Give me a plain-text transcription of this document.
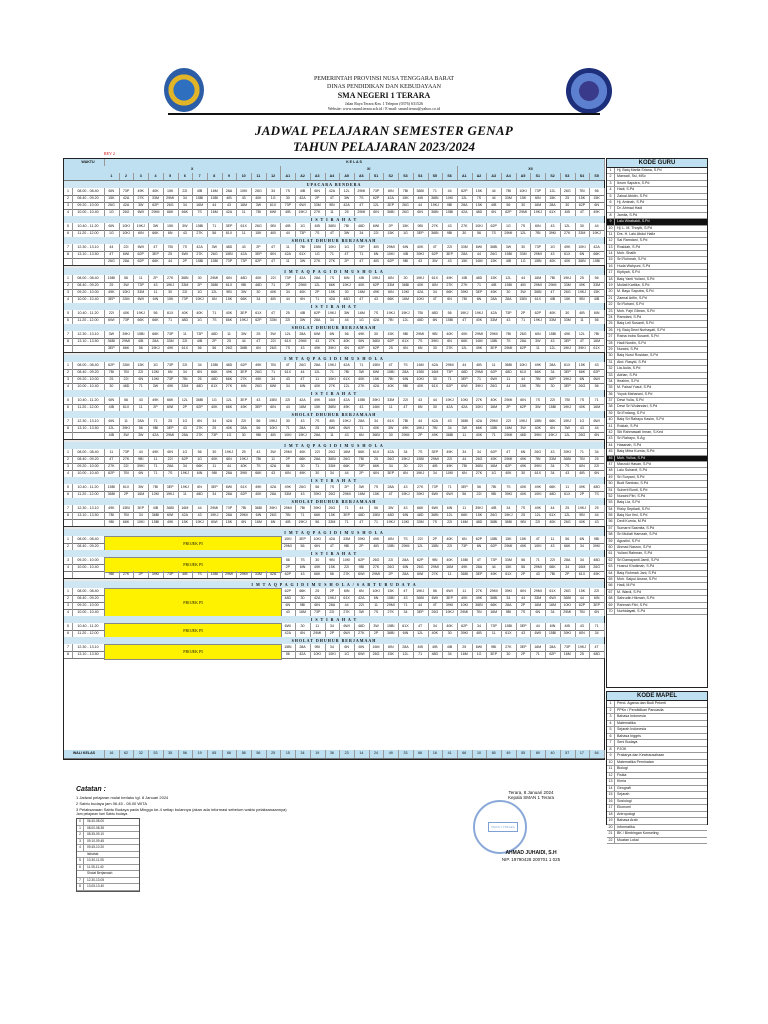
PEMERINTAH PROVINSI NUSA TENGGARA BARAT
DINAS PENDIDIKAN DAN KEBUDAYAAN
SMA NEGERI 1 TERARA
Jalan Raya Terara Km. 1 Telepon (0376) 631526
Website: www.sman1terara.sch.id / E-mail: sman1terara@yahoo.co.id
JADWAL PELAJARAN SEMESTER GENAP
TAHUN PELAJARAN 2023/2024
REV 2
K E L A S
WAKTU
X	XI	XII
1	2	3	4	5	6	7	8	9	10	11	12	A1	A2	A3	A4	A5	A6	S1	S2	S3	S4	S5	S6	A1	A2	A3	A4	A5	S1	S2	S3	S4	S5
UPACARA BENDERA
1	08.00 - 08.40	6IN	73P	49K	40K	15K	22I	4IB	16M	28A	10KI	26G	34	7S	4IB	6IN	42A	12L	29MI	73P	6IN	7BI	36BI	71	44	62P	15K	44	7BI	10KI	73P	12L	26G	7BI	56
2	08.40 - 09.20	15K	42A	27K	33M	29MI	34	15BI	15BI	4IB	43	40K	1G	30	42A	2P	4T	3W	7S	62P	42A	15K	4IB	36BI	10KI	12L	7S	44	33M	15K	6IN	15K	25	15K	15K
3	09.20 - 10.00	26G	42A	3W	62P	26G	34	16M	44	43	16M	3W	61X	73P	6WI	33M	9BI	42A	4T	12L	3EP	26G	44	19KJ	9BI	28A	15K	4IB	56	30	16M	28A	30	62P	6N
4	10.00 - 10.40	1G	26G	6WI	29MI	66K	66K	7S	16M	42A	11	7BI	6WI	4IB	19KJ	27K	11	25	29MI	6IN	36BI	26G	6IN	36BI	15BI	42A	48D	6N	62P	29MI	19KJ	61X	4IB	4T	49K
I S T I R A H A T
5	10.40 - 11.20	6IN	10KI	19KJ	3W	15K	3W	15BI	71	3EP	61X	26G	9BI	4IB	1G	4IB	36BI	7BI	48D	6WI	2P	15K	9BI	27K	43	27K	10KI	62P	1G	7S	6IN	43	12L	30	44
6	11.20 - 12.00	1G	10KI	6IN	66K	6N	43	27K	56	61X	11	15K	4IB	44	73P	7S	4T	3W	34	22I	15K	1G	3EP	36BI	9BI	30	56	7S	29MI	12L	7BI	39KI	27K	33M	19KJ
SHOLAT DHUHUR BERJAMAAH
7	12.30 - 13.10	44	22I	6WI	4T	7BI	7S	42A	3W	48D	43	2P	4T	11	7BI	15BI	10KI	1G	73P	4IB	29MI	6IN	40K	4T	22I	33M	6WI	36BI	3W	30	73P	1G	49K	10KI	42A
8	13.10 - 13.50	4T	6WI	62P	3EP	25	6WI	27K	26G	15BI	42A	3EP	6IN	42A	61X	1G	71	4T	71	6N	10KI	4IB	39KI	62P	3EP	28A	44	26G	15BI	33M	29MI	43	61X	6N	66K
26G	28A	62P	66K	44	2P	15BI	15BI	73P	73P	62P	4T	11	3W	27K	27K	2P	4T	4IB	62P	9BI	43	3W	43	15K	16M	15K	4IB	1G	15BI	40K	40K	36BI	15BI
I M T A Q P A G I D I M U S H O L A
1	08.00 - 08.40	15BI	56	11	2P	27K	36BI	30	29MI	6IN	48D	40K	22I	73P	42A	28A	7S	6IN	4IB	19KJ	6IN	30	19KJ	61X	49K	4IB	48D	15K	12L	44	16M	7BI	19KJ	25	56
2	08.40 - 09.20	25	3W	73P	43	19KJ	33M	2P	36BI	61X	9BI	48D	71	2P	29MI	12L	66K	19KJ	40K	62P	33M	36BI	40K	6IN	27K	27K	71	4IB	15BI	4IB	29MI	29MI	33M	49K	33M
3	09.20 - 10.00	49K	10KI	33M	11	30	22I	1G	12L	9BI	3W	30	40K	34	40K	2P	15K	30	16M	49K	6IN	10KI	42A	34	66K	39KI	3EP	49K	30	3W	36BI	4T	26G	19KJ	15K
4	10.00 - 10.40	3EP	33M	6WI	6IN	15K	73P	19KJ	6N	15K	66K	34	4IB	44	6N	71	42A	48D	4T	43	66K	16M	10KI	4T	6N	7BI	6N	28A	28A	15BI	61X	4IB	15K	9BI	4IB
I S T I R A H A T
5	10.40 - 11.20	22I	40K	19KJ	56	61X	40K	40K	71	40K	3EP	61X	4T	25	4IB	62P	19KJ	3W	16M	7S	19KJ	19KJ	7BI	48D	56	19KJ	19KJ	42A	73P	2P	62P	40K	30	4IB	6IN
6	11.20 - 12.00	6WI	73P	66K	66K	71	48D	1G	7S	66K	19KJ	62P	33M	22I	3W	28A	34	44	1G	42A	7BI	12L	48D	6N	15BI	4T	40K	33M	43	71	19KJ	33M	33M	11	56
SHOLAT DHUHUR BERJAMAAH
7	12.30 - 13.10	3W	39KI	15BI	66K	73P	11	73P	48D	11	3W	25	3W	12L	28A	6WI	6N	56	49K	30	15K	9BI	29MI	9BI	40K	40K	29MI	29MI	7BI	26G	6IN	15BI	49K	12L	7BI
8	13.10 - 13.50	36BI	29MI	4IB	28A	33M	22I	4IB	2P	25	44	4T	22I	61X	29MI	43	27K	40K	6IN	36BI	62P	61X	7S	39KI	6N	66K	16M	15BI	7S	28A	3W	43	3EP	4T	16M
3EP	66K	56	19KJ	49K	61X	56	56	26G	36BI	6N	26G	7S	43	49K	39KI	6N	62P	62P	25	6N	6N	30	27K	12L	49K	3EP	29MI	62P	11	12L	19KJ	39KI	61X
I M T A Q P A G I D I M U S H O L A
1	08.00 - 08.40	62P	33M	15K	1G	73P	22I	34	15BI	48D	62P	49K	7BI	4T	26G	28A	19KJ	42A	71	15BI	4T	7S	16M	42A	29MI	44	4IB	11	36BI	10KI	49K	28A	61X	15K	43
2	08.40 - 09.20	7BI	7BI	22I	10KI	6N	34	6N	66K	49K	3EP	26G	71	61X	44	12L	71	7BI	3W	6WI	15BI	28A	15BI	16M	73P	48D	29MI	62P	48D	61X	66K	34	3EP	66K	62P
3	09.20 - 10.00	25	22I	6N	10KI	73P	7BI	25	48D	66K	27K	49K	34	43	4T	11	10KI	61X	40K	15K	7BI	6IN	10KI	30	71	3EP	71	6WI	11	44	7BI	62P	19KJ	6N	6WI
4	10.00 - 10.40	30	48D	71	3W	49K	33M	48D	61X	27K	6IN	26G	6WI	34	6IN	40K	27K	12L	27K	42A	40K	9BI	40K	61X	62P	6WI	39KI	26G	44	15K	7BI	30	3EP	26G	56
I S T I R A H A T
5	10.40 - 11.20	6IN	56	43	49K	66K	12L	36BI	1G	12L	3EP	43	15BI	22I	42A	49K	16M	42A	15BI	39KI	33M	22I	43	44	19KJ	10KI	27K	40K	29MI	6IN	7S	22I	7BI	7S	71
6	11.20 - 12.00	4IB	61X	11	2P	6WI	2P	62P	40K	66K	49K	3EP	6IN	44	16M	15K	36BI	49K	43	16M	11	4T	6N	30	42A	42A	10KI	16M	2P	62P	3W	15BI	19KJ	40K	16M
SHOLAT DHUHUR BERJAMAAH
7	12.30 - 13.10	6IN	11	28A	71	25	1G	6N	34	42A	22I	56	19KJ	30	43	7S	4IB	19KJ	28A	34	61X	7BI	44	42A	43	36BI	42A	29MI	22I	19KJ	15BI	66K	19KJ	1G	6WI
8	13.10 - 13.50	12L	39KI	56	9BI	3EP	43	27K	25	40K	28A	56	10KI	71	28A	25	6WI	6WI	71	40K	3W	49K	19KJ	7BI	34	3W	66K	15BI	16M	3W	40K	6N	3W	43	44
4IB	3W	3W	42A	29MI	28A	27K	73P	1G	30	9BI	4IB	10KI	19KJ	28A	11	43	6N	36BI	30	29MI	2P	49K	36BI	11	40K	71	29MI	48D	39KI	19KJ	12L	26G	6N
I M T A Q P A G I D I M U S H O L A
1	08.00 - 08.40	11	73P	44	49K	6IN	1G	56	30	19KJ	25	43	3W	29MI	40K	22I	26G	16M	66K	61X	42A	34	7S	3EP	49K	34	34	62P	4T	6N	26G	43	39KI	71	34
2	08.40 - 09.20	4T	27K	9BI	11	22I	62P	1G	40K	6IN	19KJ	7BI	11	2P	66K	28A	36BI	26G	7BI	25	26G	19KJ	15BI	29MI	22I	44	26G	49K	29MI	49K	7BI	33M	36BI	7BI	25
3	09.20 - 10.00	27K	22I	39KI	71	28A	34	66K	11	44	40K	7S	42A	56	30	71	33M	66K	73P	66K	34	30	22I	4IB	49K	7BI	36BI	16M	62P	49K	39KI	34	7S	6IN	22I
4	10.00 - 10.40	62P	7BI	6N	71	7S	19KJ	6IN	9BI	28A	39KI	66K	43	6IN	49K	30	34	44	2P	6IN	3EP	6N	19KJ	34	10KI	6N	27K	1G	40K	30	61X	34	43	4IB	6N
I S T I R A H A T
5	10.40 - 11.20	15BI	61X	3W	7BI	3EP	19KJ	6N	3EP	6WI	61X	49K	42A	49K	26G	56	7S	2P	3W	7S	28A	43	27K	73P	71	3EP	56	7BI	7S	40K	49K	66K	11	49K	48D
6	11.20 - 12.00	36BI	2P	16M	10KI	19KJ	11	48D	34	28A	62P	40K	28A	33M	43	39KI	26G	29MI	16M	15K	4T	19KJ	39KI	6WI	6WI	56	22I	9BI	39KI	40K	10KI	48D	61X	2P	7S
SHOLAT DHUHUR BERJAMAAH
7	12.30 - 13.10	49K	15BI	3EP	4IB	36BI	16M	44	29MI	73P	7BI	36BI	39KI	29MI	7BI	39KI	26G	71	44	56	3W	43	66K	6WI	6IN	11	39KI	4IB	34	7S	49K	44	25	19KJ	25
8	13.10 - 13.50	7BI	7BI	34	36BI	6WI	42A	43	19KJ	28A	29MI	6IN	26G	7BI	71	66K	15K	3EP	48D	15BI	48D	6IN	48D	36BI	12L	66K	15K	26G	19KJ	25	12L	61X	12L	9BI	44
9BI	66K	10KI	15BI	49K	15K	19KJ	6WI	15K	6N	16M	6N	4IB	19KJ	56	33M	71	4T	71	19KJ	10KI	33M	7S	22I	16M	48D	36BI	36BI	9BI	22I	40K	26G	40K	43
I M T A Q P A G I D I M U S H O L A
1	08.00 - 08.40	10KI	3EP	10KI	42A	33M	39KI	49K	6IN	7S	22I	2P	40K	6N	62P	15BI	15K	15K	4T	11	56	6N	9BI
2	08.40 - 09.20	29MI	56	6IN	4T	9BI	2P	4IB	15BI	29MI	12L	15BI	22I	73P	6N	62P	29MI	49K	10KI	43	66K	34	39KI
PROJEK P5
I S T I R A H A T
3	09.20 - 10.00	56	7S	30	9BI	10KI	62P	26G	22I	28A	62P	9BI	40K	15BI	4T	73P	33M	56	71	22I	28A	34	48D
4	10.00 - 10.40	2P	6IN	49K	15K	22I	9BI	27K	26G	6IN	26G	29MI	16M	49K	28A	44	15K	56	29MI	66K	34	16M	26G
PROJEK P5
9BI	27K	2P	39KI	73P	4IB	7S	15BI	29MI	29MI	33M	42A	62P	43	66K	56	27K	6WI	29MI	2P	28A	6WI	27K	11	36BI	3EP	49K	61X	2P	43	7BI	2P	61X	49K
I M T A Q P A G I D I M U S H O L A / S A B T U B U D A Y A
1	08.00 - 08.40	62P	66K	25	2P	6IN	6N	10KI	15K	4T	19KJ	56	6WI	11	27K	29MI	39KI	6IN	29MI	61X	26G	15K	22I
2	08.40 - 09.20	48D	30	42A	19KJ	61X	42A	6N	15BI	43	36BI	6WI	3EP	40K	49K	36BI	34	44	33M	6WI	36BI	44	6IN
3	09.20 - 10.00	6N	9BI	6IN	28A	44	22I	11	29MI	71	44	4T	39KI	10KI	36BI	66K	28A	2P	16M	16M	10KI	62P	3EP
4	10.00 - 10.40	43	16M	73P	22I	27K	3W	7S	27K	34	3EP	26G	19KJ	29MI	7BI	16M	9BI	7S	6N	34	29MI	7BI	6N
PROJEK P5
I S T I R A H A T
5	10.40 - 11.20	6WI	30	11	34	6WI	48D	3W	15BI	61X	4T	34	40K	62P	34	73P	15BI	3EP	44	6IN	4IB	43	71
6	11.20 - 12.00	42A	6N	29MI	2P	6WI	27K	2P	36BI	6IN	12L	40K	30	39KI	4IB	11	61X	43	6WI	15BI	39KI	6IN	34
PROJEK P5
SHOLAT DHUHUR BERJAMAAH
7	12.30 - 13.10	15BI	28A	9BI	34	6N	6IN	16M	6IN	28A	4IB	4IB	4IB	25	6WI	9BI	27K	3EP	16M	28A	73P	19KJ	4T
8	13.10 - 13.50	56	42A	10KI	10KI	1G	6WI	26G	15K	12L	71	48D	34	16M	1G	3EP	30	2P	71	62P	16M	25	48D
PROJEK P5
WALI KELAS	16	62	32	53	35	56	19	65	66	58	56	25	15	34	19	36	23	14	24	49	33	66	16	41	66	10	65	49	55	69	40	57	17	64
KODE GURU
1 Hj. Baiq Marlia Sriana, S.Pd
2 Marwati, Ssi, MSc
3 Ikrom Saputra, S.Pd
4 Hadi, S.Pd
5 Zainal Abidin, S.Pd
6 Hj. Aminah, S.Pd
7 Dr. Ahmad Hadi
8 Jamila, S.Pd
9 Lalu Wirabakti, S.Pd
10 Hj. L. M. Thoyib, S.Pd
11 Drs. H. Lalu Abdul Hafiz
12 Sai Ramdani, S.Pd
13 Rosidah, S.Pd
14 Moh. Shalih
15 Sri Rohmah, S.Pd
16 Huda Wahyuni, S.Pd
17 Kiptiyah, S.Pd
18 Baiq Yanti Yuliani, S.Pd
19 Muliati Kartika, S.Pd
20 M. Bayu Saputra, S.Pd
21 Zaenal Arifin, S.Pd
22 Sri Rohani, S.Pd
23 Moh. Fajri Gibran, S.Pd
24 Ramdani, S.Pd
25 Baiq Leli Susanti, S.Pd
26 Hj. Baiq Dewi Nurhayati, S.Pd
27 Ratna Indra Susanti, S.Pd
28 Hadi Nurdin, S.Pd
29 Nuraini, S.Pd
30 Baiq Nurul Rosidan, S.Pd
31 Abd. Rasyid, S.Pd
32 Lia Aulia, S.Pd
33 Adrian, S.Pd
34 Ibrahim, S.Pd
35 M. Faisal Yusuf, S.Pd
36 Yoyok Maharani, S.Pd
37 Dewi Yulia, S.Pd
38 Dewi Sri Wulandari, S.Pd
39 Sri Endang, S.Pd
40 Baiq Sri Rahayu Kasim, S.Pd
41 Rokiah, S.Pd
42 Siti Rahmawati Imran, S.Ked
43 Sri Rahayu, S.Ag
44 Hasanah, S.Pd
45 Baiq Mitra Kurnia, S.Pd
46 Moh. Yulius, S.Pd
47 Marzuki Hasan, S.Pd
48 Lalu Suhardi, S.Pd
49 Sri Suryani, S.Pd
50 Budi Santoso, S.Pd
51 Suherti Bunti, S.Pd
52 Nuraini Fitri, S.Pd
53 Baiq Lia, S.Pd
54 Rizky Septiadi, S.Pd
55 Baiq Nur Ilmi, S.Pd
56 Dedi Kurnia, M.Pd
57 Sumarni Sasmita, S.Pd
58 Sri Muliati Hamzah, S.Pd
59 Agustini, S.Pd
60 Ahmad Nasrun, S.Pd
61 Yuliani Rahman, S.Pd
62 Sri Damayanti Jamil, S.Pd
63 Husnul Khotimah, S.Pd
64 Baiq Rohmah Jani, S.Pd
65 Moh. Saipul Anwar, S.Pd
66 Hadi, M.Pd
67 M. Wardi, S.Pd
68 Sahrudin Hikmah, S.Pd
69 Rahmah Fitri, S.Pd
70 Nurhidayati, S.Pd
KODE MAPEL
1 Pend. Agama dan Budi Pekerti
2 PPKn / Pendidikan Pancasila
3 Bahasa Indonesia
4 Matematika
5 Sejarah Indonesia
6 Bahasa Inggris
7 Seni Budaya
8 PJOK
9 Prakarya dan Kewirausahaan
10 Matematika Peminatan
11 Biologi
12 Fisika
13 Kimia
14 Geografi
15 Sejarah
16 Sosiologi
17 Ekonomi
18 Antropologi
19 Bahasa Arab
20 Informatika
21 BK / Bimbingan Konseling
22 Muatan Lokal
Catatan :
1 Jadwal pelajaran mulai berlaku tgl. 8 Januari 2024
2 Sabtu budaya jam 06.45 - 08.00 WITA
3 Pelaksanaan Sabtu Budaya pada Minggu ke-4 setiap bulannya (akan ada informasi sebelum waktu pelaksanaannya)
Jam pelajaran hari Sabtu budaya
0 06.40-08.00
1 08.00-08.35
2 08.35-09.10
3 09.10-09.45
4 09.45-10.20
Istirahat
5 10.30-11.05
6 11.05-11.40
Sholat Berjamaah
7 12.30-13.05
8 13.05-13.40
Terara, 8 Januari 2024
Kepala SMAN 1 Terara
SMAN 1 TERARA
AHMAD JUHAIDI, S.H
NIP. 19790428 200701 1 025
